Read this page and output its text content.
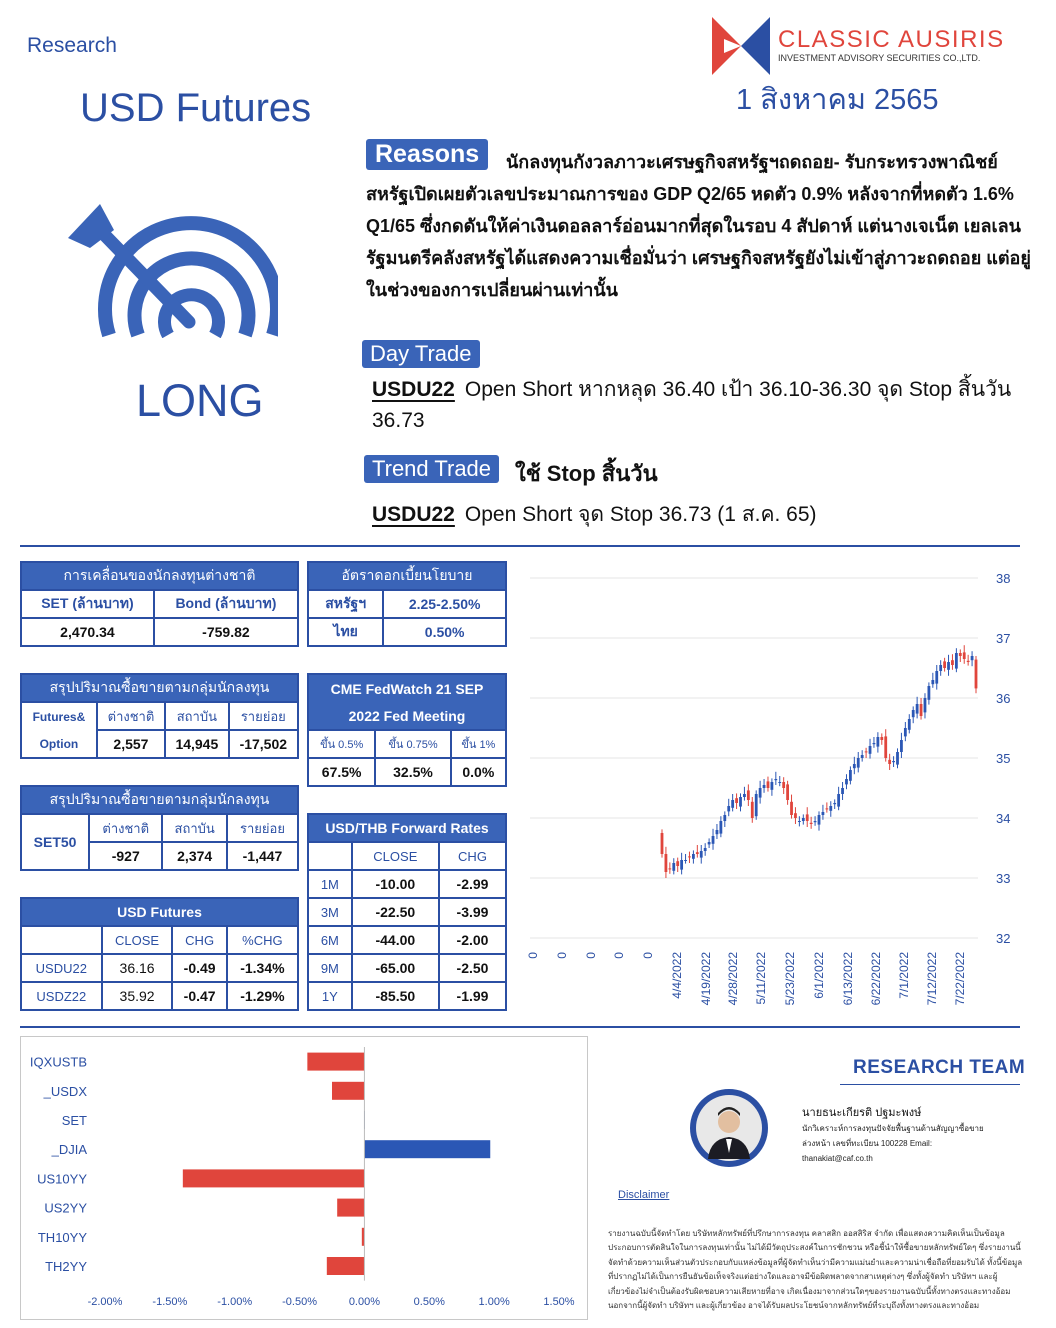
Research
USD Futures
CLASSIC AUSIRIS
INVESTMENT ADVISORY SECURITIES CO.,LTD.
1 สิงหาคม 2565
LONG
นักลงทุนกังวลภาวะเศรษฐกิจสหรัฐฯถดถอย- รับกระทรวงพาณิชย์สหรัฐเปิดเผยตัวเลขประมาณการของ GDP Q2/65 หดตัว 0.9% หลังจากที่หดตัว 1.6% Q1/65 ซึ่งกดดันให้ค่าเงินดอลลาร์อ่อนมากที่สุดในรอบ 4 สัปดาห์ แต่นางเจเน็ต เยลเลน รัฐมนตรีคลังสหรัฐได้แสดงความเชื่อมั่นว่า เศรษฐกิจสหรัฐยังไม่เข้าสู่ภาวะถดถอย แต่อยู่ในช่วงของการเปลี่ยนผ่านเท่านั้น
Reasons
Day Trade
USDU22 Open Short หากหลุด 36.40 เป้า 36.10-36.30 จุด Stop สิ้นวัน 36.73
Trend Trade	ใช้ Stop สิ้นวัน
USDU22 Open Short จุด Stop 36.73 (1 ส.ค. 65)
การเคลื่อนของนักลงทุนต่างชาติ	
SET (ล้านบาท)	Bond (ล้านบาท)
2,470.34	-759.82
อัตราดอกเบี้ยนโยบาย	
สหรัฐฯ	2.25-2.50%
ไทย	0.50%
สรุปปริมาณซื้อขายตามกลุ่มนักลงทุน			
Futures&	ต่างชาติ	สถาบัน	รายย่อย
Option	2,557	14,945	-17,502
CME FedWatch 21 SEP		
2022 Fed Meeting		
ขึ้น 0.5%	ขึ้น 0.75%	ขึ้น 1%
67.5%	32.5%	0.0%
สรุปปริมาณซื้อขายตามกลุ่มนักลงทุน			
SET50	ต่างชาติ	สถาบัน	รายย่อย
	-927	2,374	-1,447
USD/THB Forward Rates		
	CLOSE	CHG
1M	-10.00	-2.99
3M	-22.50	-3.99
6M	-44.00	-2.00
9M	-65.00	-2.50
1Y	-85.50	-1.99
USD Futures			
	CLOSE	CHG	%CHG
USDU22	36.16	-0.49	-1.34%
USDZ22	35.92	-0.47	-1.29%
32
33
34
35
36
37
38
0 0 0 0 0 4/4/2022 4/19/2022 4/28/2022 5/11/2022 5/23/2022 6/1/2022 6/13/2022 6/22/2022 7/1/2022 7/12/2022 7/22/2022
IQXUSTB
_USDX
SET
_DJIA
US10YY
US2YY
TH10YY
TH2YY
-2.00%	-1.50%	-1.00%	-0.50%	0.00%	0.50%	1.00%	1.50%
RESEARCH TEAM
นายธนะเกียรติ ปฐมะพงษ์
นักวิเคราะห์การลงทุนปัจจัยพื้นฐานด้านสัญญาซื้อขาย
ล่วงหน้า เลขที่ทะเบียน 100228 Email:
thanakiat@caf.co.th
Disclaimer
รายงานฉบับนี้จัดทำโดย บริษัทหลักทรัพย์ที่ปรึกษาการลงทุน คลาสสิก ออสสิริส จำกัด เพื่อแสดงความคิดเห็นเป็นข้อมูลประกอบการตัดสินใจในการลงทุนเท่านั้น ไม่ได้มีวัตถุประสงค์ในการชักชวน หรือชี้นำให้ซื้อขายหลักทรัพย์ใดๆ ซึ่งรายงานนี้จัดทำด้วยความเห็นส่วนตัวประกอบกับแหล่งข้อมูลที่ผู้จัดทำเห็นว่ามีความแม่นยำและความน่าเชื่อถือที่ยอมรับได้ ทั้งนี้ข้อมูลที่ปรากฏไม่ได้เป็นการยืนยันข้อเท็จจริงแต่อย่างใดและอาจมีข้อผิดพลาดจากสาเหตุต่างๆ ซึ่งทั้งผู้จัดทำ บริษัทฯ และผู้เกี่ยวข้องไม่จำเป็นต้องรับผิดชอบความเสียหายที่อาจ เกิดเนื่องมาจากส่วนใดๆของรายงานฉบับนี้ทั้งทางตรงและทางอ้อม นอกจากนี้ผู้จัดทำ บริษัทฯ และผู้เกี่ยวข้อง อาจได้รับผลประโยชน์จากหลักทรัพย์ที่ระบุถึงทั้งทางตรงและทางอ้อม
